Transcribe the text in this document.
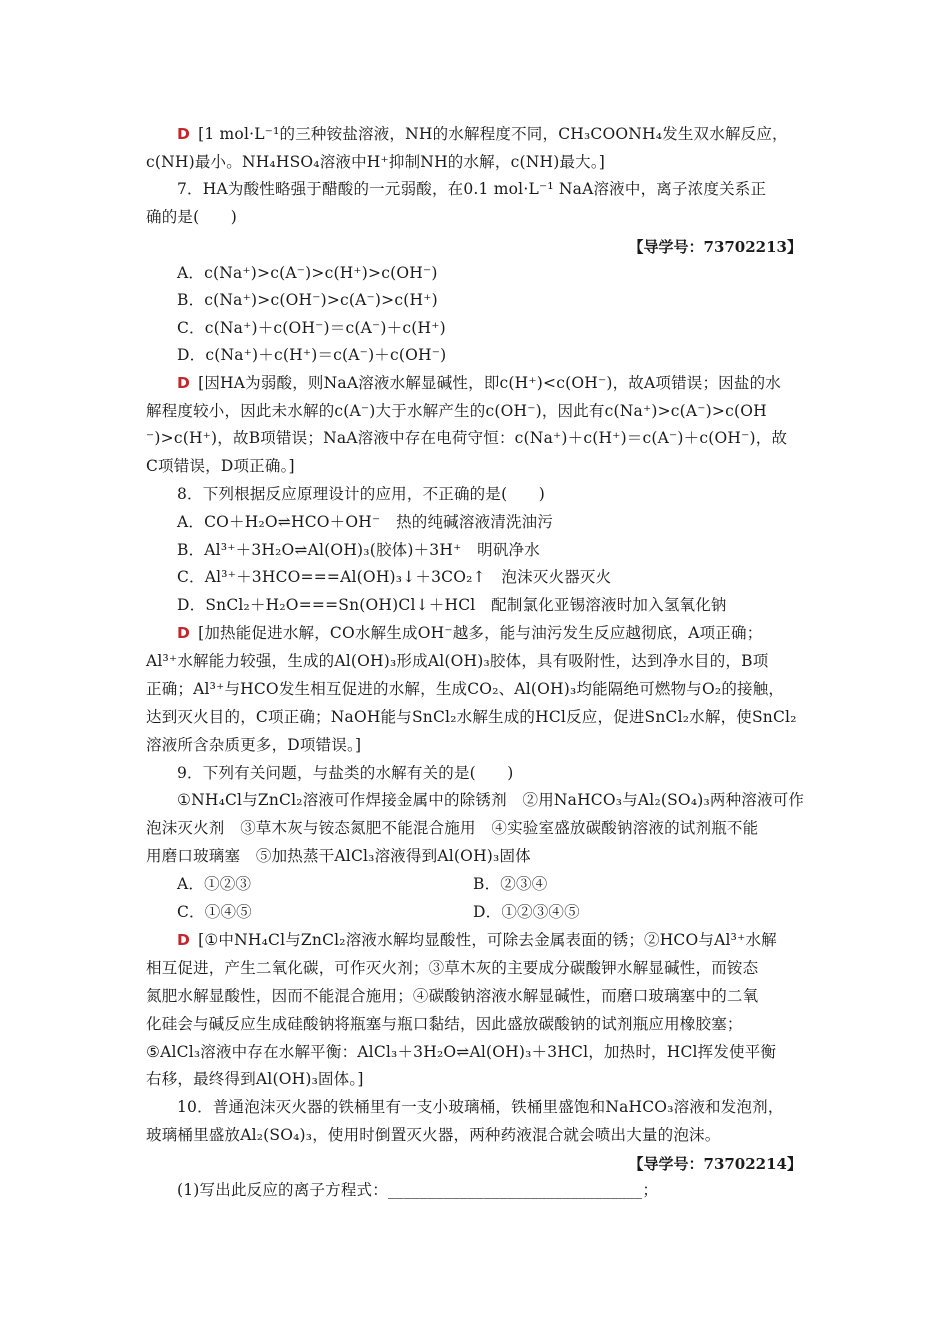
D [1 mol·L⁻¹的三种铵盐溶液，NH的水解程度不同，CH₃COONH₄发生双水解反应，
c(NH)最小。NH₄HSO₄溶液中H⁺抑制NH的水解，c(NH)最大。]
7．HA为酸性略强于醋酸的一元弱酸，在0.1 mol·L⁻¹ NaA溶液中，离子浓度关系正
确的是(　　)
【导学号：73702213】
A．c(Na⁺)>c(A⁻)>c(H⁺)>c(OH⁻)
B．c(Na⁺)>c(OH⁻)>c(A⁻)>c(H⁺)
C．c(Na⁺)＋c(OH⁻)＝c(A⁻)＋c(H⁺)
D．c(Na⁺)＋c(H⁺)＝c(A⁻)＋c(OH⁻)
D [因HA为弱酸，则NaA溶液水解显碱性，即c(H⁺)<c(OH⁻)，故A项错误；因盐的水
解程度较小，因此未水解的c(A⁻)大于水解产生的c(OH⁻)，因此有c(Na⁺)>c(A⁻)>c(OH
⁻)>c(H⁺)，故B项错误；NaA溶液中存在电荷守恒：c(Na⁺)＋c(H⁺)＝c(A⁻)＋c(OH⁻)，故
C项错误，D项正确。]
8．下列根据反应原理设计的应用，不正确的是(　　)
A．CO＋H₂O⇌HCO＋OH⁻　热的纯碱溶液清洗油污
B．Al³⁺＋3H₂O⇌Al(OH)₃(胶体)＋3H⁺　明矾净水
C．Al³⁺＋3HCO===Al(OH)₃↓＋3CO₂↑　泡沫灭火器灭火
D．SnCl₂＋H₂O===Sn(OH)Cl↓＋HCl　配制氯化亚锡溶液时加入氢氧化钠
D [加热能促进水解，CO水解生成OH⁻越多，能与油污发生反应越彻底，A项正确；
Al³⁺水解能力较强，生成的Al(OH)₃形成Al(OH)₃胶体，具有吸附性，达到净水目的，B项
正确；Al³⁺与HCO发生相互促进的水解，生成CO₂、Al(OH)₃均能隔绝可燃物与O₂的接触，
达到灭火目的，C项正确；NaOH能与SnCl₂水解生成的HCl反应，促进SnCl₂水解，使SnCl₂
溶液所含杂质更多，D项错误。]
9．下列有关问题，与盐类的水解有关的是(　　)
①NH₄Cl与ZnCl₂溶液可作焊接金属中的除锈剂　②用NaHCO₃与Al₂(SO₄)₃两种溶液可作
泡沫灭火剂　③草木灰与铵态氮肥不能混合施用　④实验室盛放碳酸钠溶液的试剂瓶不能
用磨口玻璃塞　⑤加热蒸干AlCl₃溶液得到Al(OH)₃固体
A．①②③	B．②③④
C．①④⑤	D．①②③④⑤
D [①中NH₄Cl与ZnCl₂溶液水解均显酸性，可除去金属表面的锈；②HCO与Al³⁺水解
相互促进，产生二氧化碳，可作灭火剂；③草木灰的主要成分碳酸钾水解显碱性，而铵态
氮肥水解显酸性，因而不能混合施用；④碳酸钠溶液水解显碱性，而磨口玻璃塞中的二氧
化硅会与碱反应生成硅酸钠将瓶塞与瓶口黏结，因此盛放碳酸钠的试剂瓶应用橡胶塞；
⑤AlCl₃溶液中存在水解平衡：AlCl₃＋3H₂O⇌Al(OH)₃＋3HCl，加热时，HCl挥发使平衡
右移，最终得到Al(OH)₃固体。]
10．普通泡沫灭火器的铁桶里有一支小玻璃桶，铁桶里盛饱和NaHCO₃溶液和发泡剂，
玻璃桶里盛放Al₂(SO₄)₃，使用时倒置灭火器，两种药液混合就会喷出大量的泡沫。
【导学号：73702214】
(1)写出此反应的离子方程式：________________________________；
